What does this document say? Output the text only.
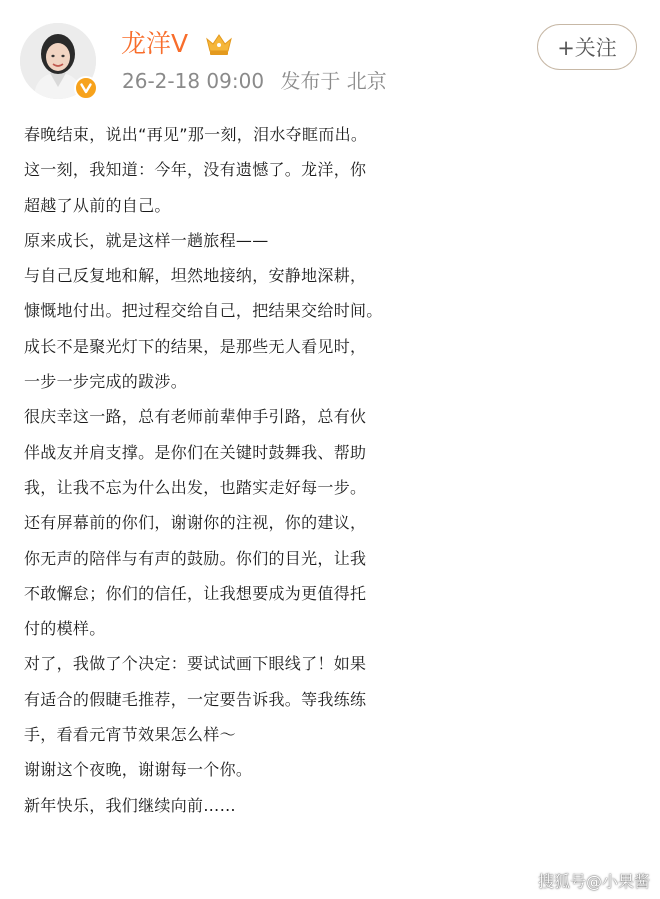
龙洋V
26-2-18 09:00 发布于 北京
+关注
春晚结束，说出“再见”那一刻，泪水夺眶而出。
这一刻，我知道：今年，没有遗憾了。龙洋，你
超越了从前的自己。
原来成长，就是这样一趟旅程——
与自己反复地和解，坦然地接纳，安静地深耕，
慷慨地付出。把过程交给自己，把结果交给时间。
成长不是聚光灯下的结果，是那些无人看见时，
一步一步完成的跋涉。
很庆幸这一路，总有老师前辈伸手引路，总有伙
伴战友并肩支撑。是你们在关键时鼓舞我、帮助
我，让我不忘为什么出发，也踏实走好每一步。
还有屏幕前的你们，谢谢你的注视，你的建议，
你无声的陪伴与有声的鼓励。你们的目光，让我
不敢懈怠；你们的信任，让我想要成为更值得托
付的模样。
对了，我做了个决定：要试试画下眼线了！如果
有适合的假睫毛推荐，一定要告诉我。等我练练
手，看看元宵节效果怎么样～
谢谢这个夜晚，谢谢每一个你。
新年快乐，我们继续向前……
搜狐号@小果酱
